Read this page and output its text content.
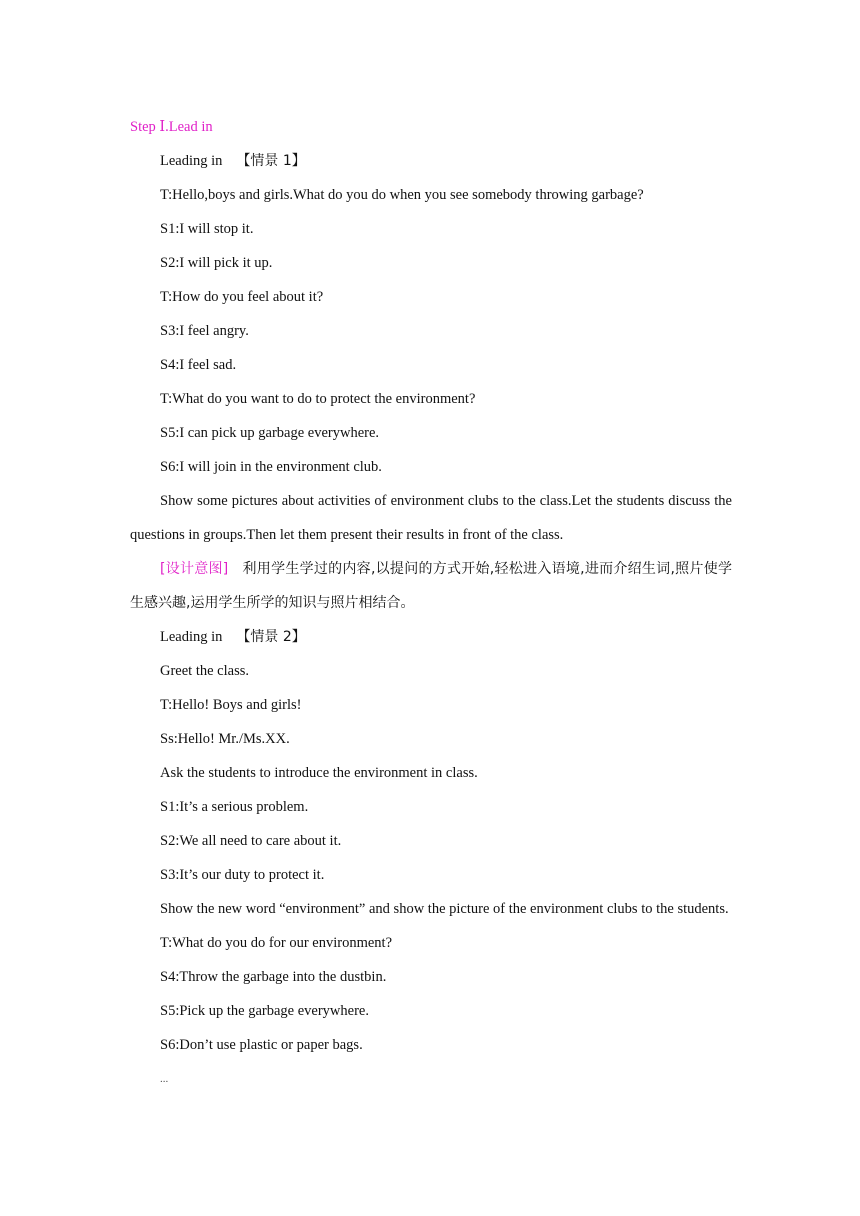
Step Ⅰ.Lead in
Leading in 【情景 1】
T:Hello,boys and girls.What do you do when you see somebody throwing garbage?
S1:I will stop it.
S2:I will pick it up.
T:How do you feel about it?
S3:I feel angry.
S4:I feel sad.
T:What do you want to do to protect the environment?
S5:I can pick up garbage everywhere.
S6:I will join in the environment club.
Show some pictures about activities of environment clubs to the class.Let the students discuss the questions in groups.Then let them present their results in front of the class.
[设计意图] 利用学生学过的内容,以提问的方式开始,轻松进入语境,进而介绍生词,照片使学生感兴趣,运用学生所学的知识与照片相结合。
Leading in 【情景 2】
Greet the class.
T:Hello! Boys and girls!
Ss:Hello! Mr./Ms.XX.
Ask the students to introduce the environment in class.
S1:It’s a serious problem.
S2:We all need to care about it.
S3:It’s our duty to protect it.
Show the new word “environment” and show the picture of the environment clubs to the students.
T:What do you do for our environment?
S4:Throw the garbage into the dustbin.
S5:Pick up the garbage everywhere.
S6:Don’t use plastic or paper bags.
...
